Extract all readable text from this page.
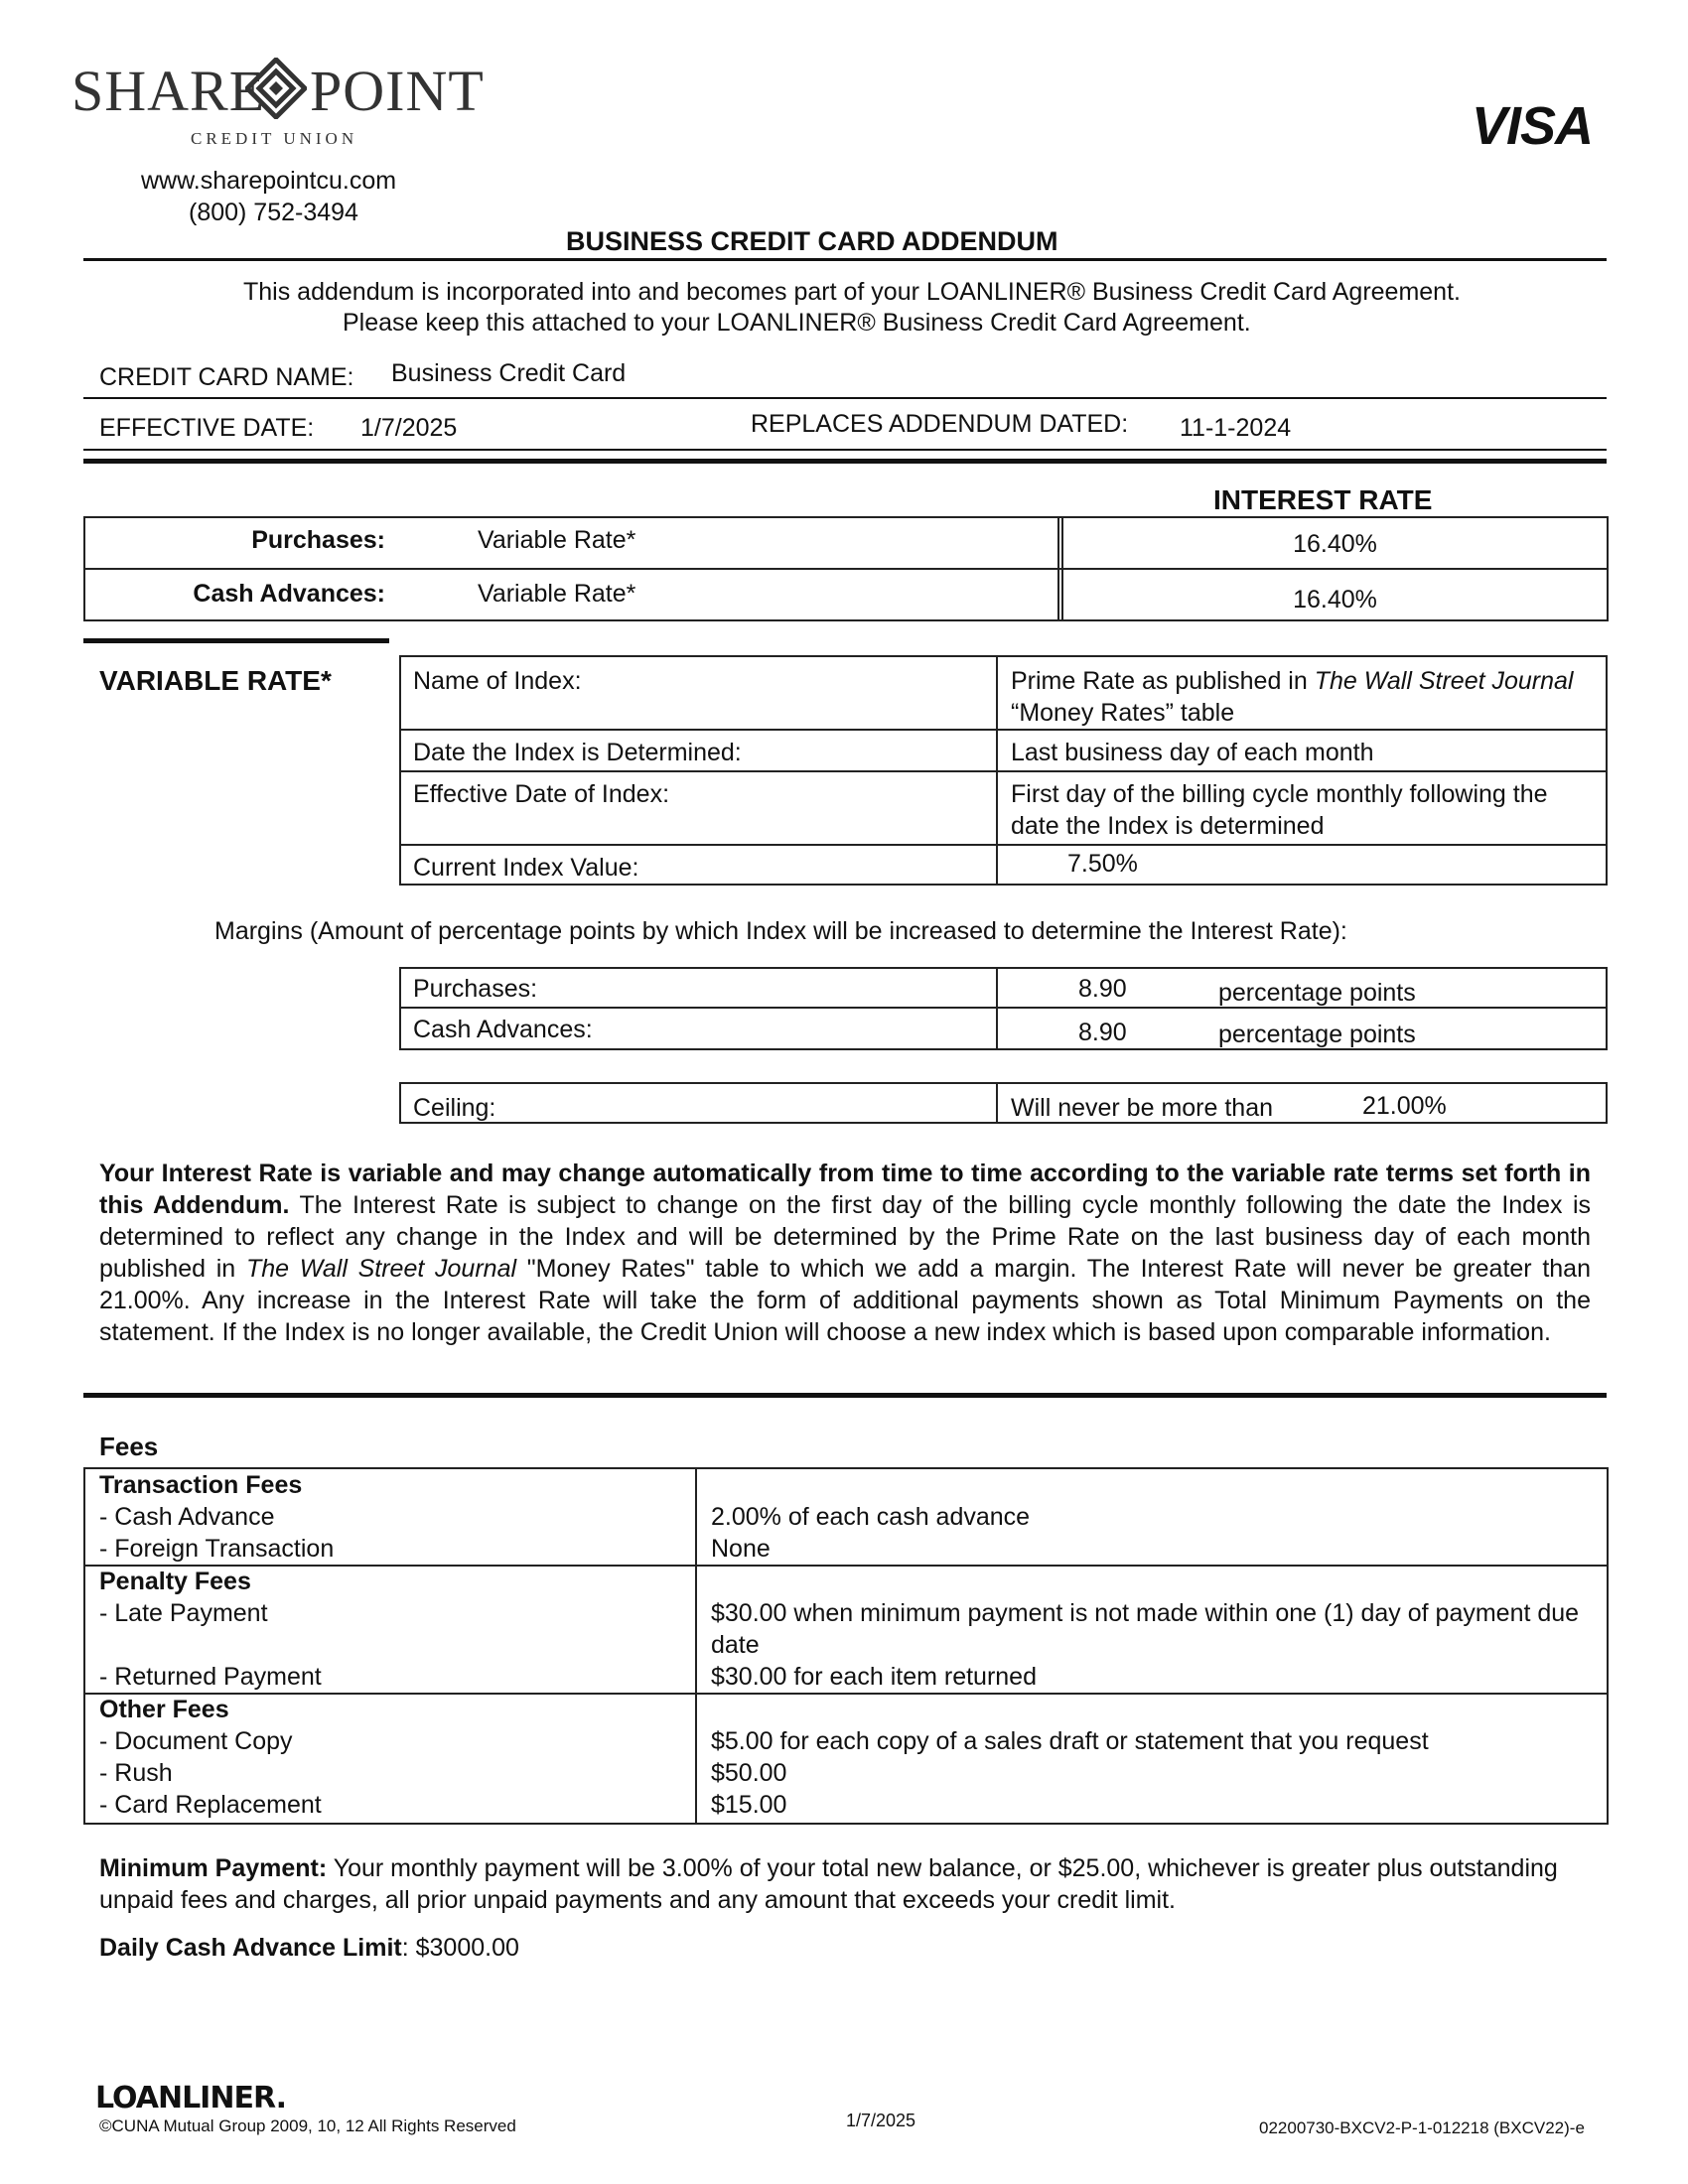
SHARE POINT
CREDIT UNION
www.sharepointcu.com
(800) 752-3494
VISA
BUSINESS CREDIT CARD ADDENDUM
This addendum is incorporated into and becomes part of your LOANLINER® Business Credit Card Agreement.
Please keep this attached to your LOANLINER® Business Credit Card Agreement.
CREDIT CARD NAME: Business Credit Card
EFFECTIVE DATE: 1/7/2025	REPLACES ADDENDUM DATED: 11-1-2024
INTEREST RATE
Purchases:	Variable Rate*	16.40%
Cash Advances:	Variable Rate*	16.40%
VARIABLE RATE*	Name of Index:	Prime Rate as published in The Wall Street Journal “Money Rates” table
Date the Index is Determined:	Last business day of each month
Effective Date of Index:	First day of the billing cycle monthly following the date the Index is determined
Current Index Value:	7.50%
Margins (Amount of percentage points by which Index will be increased to determine the Interest Rate):
Purchases:	8.90	percentage points
Cash Advances:	8.90	percentage points
Ceiling:	Will never be more than	21.00%
Your Interest Rate is variable and may change automatically from time to time according to the variable rate terms set forth in this Addendum. The Interest Rate is subject to change on the first day of the billing cycle monthly following the date the Index is determined to reflect any change in the Index and will be determined by the Prime Rate on the last business day of each month published in The Wall Street Journal "Money Rates" table to which we add a margin. The Interest Rate will never be greater than 21.00%. Any increase in the Interest Rate will take the form of additional payments shown as Total Minimum Payments on the statement. If the Index is no longer available, the Credit Union will choose a new index which is based upon comparable information.
Fees
Transaction Fees
- Cash Advance	2.00% of each cash advance
- Foreign Transaction	None
Penalty Fees
- Late Payment	$30.00 when minimum payment is not made within one (1) day of payment due date
- Returned Payment	$30.00 for each item returned
Other Fees
- Document Copy	$5.00 for each copy of a sales draft or statement that you request
- Rush	$50.00
- Card Replacement	$15.00
Minimum Payment: Your monthly payment will be 3.00% of your total new balance, or $25.00, whichever is greater plus outstanding unpaid fees and charges, all prior unpaid payments and any amount that exceeds your credit limit.
Daily Cash Advance Limit: $3000.00
LOANLINER.
©CUNA Mutual Group 2009, 10, 12 All Rights Reserved	1/7/2025	02200730-BXCV2-P-1-012218 (BXCV22)-e
